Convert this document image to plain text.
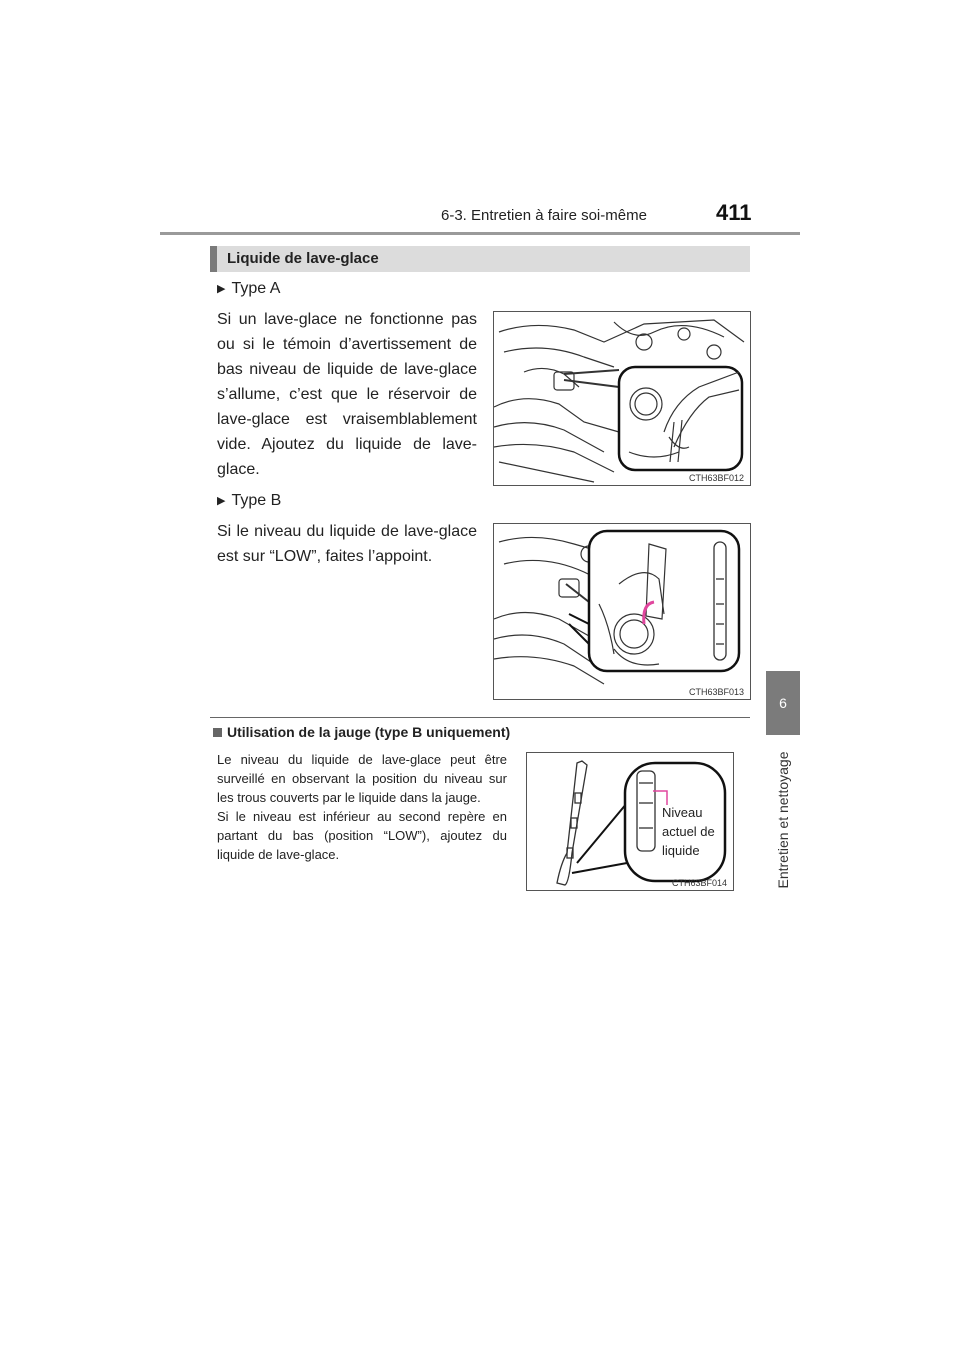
6-3. Entretien à faire soi-même	411
6
Entretien et nettoyage
Liquide de lave-glace
▶ Type A
Si un lave-glace ne fonctionne pas ou si le témoin d’avertissement de bas niveau de liquide de lave-glace s’allume, c’est que le réservoir de lave-glace est vraisemblablement vide. Ajoutez du liquide de lave-glace.	CTH63BF012
▶ Type B
Si le niveau du liquide de lave-glace est sur “LOW”, faites l’appoint.
CTH63BF013
Utilisation de la jauge (type B uniquement)

Le niveau du liquide de lave-glace peut être surveillé en observant la position du niveau sur les trous couverts par le liquide dans la jauge.

Si le niveau est inférieur au second repère en partant du bas (position “LOW”), ajoutez du liquide de lave-glace.

CTH63BF014
Niveau
actuel de
liquide
